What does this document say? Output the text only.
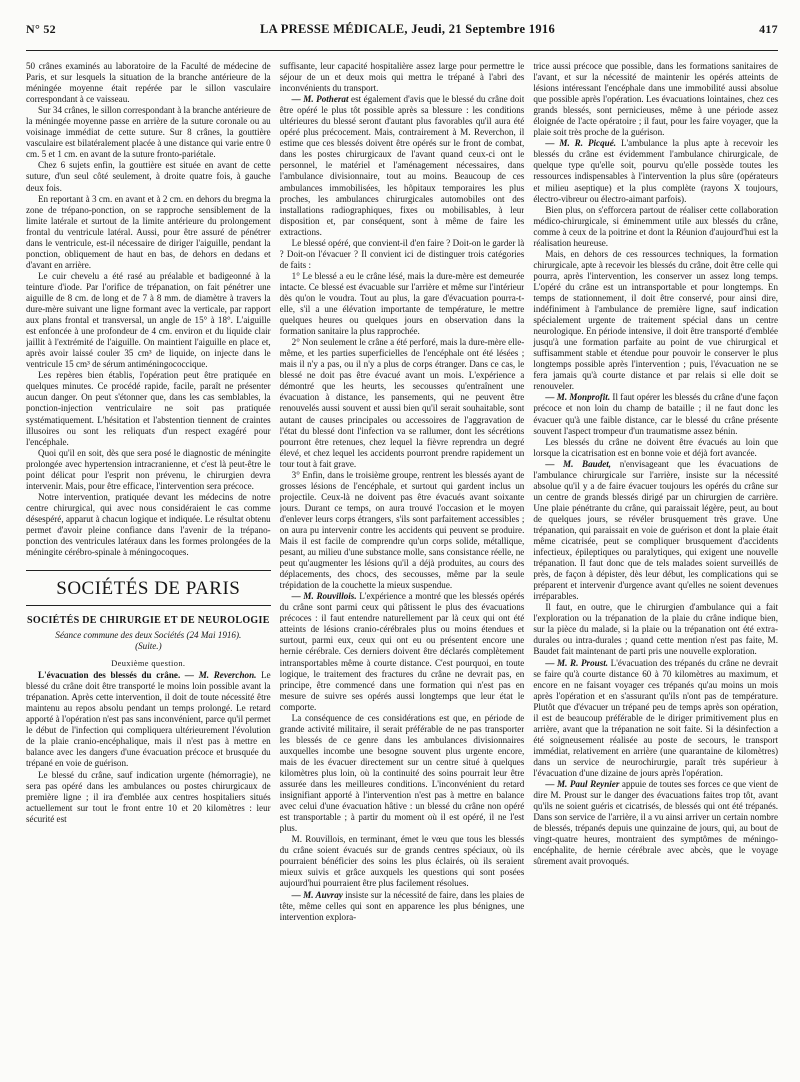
N° 52	LA PRESSE MÉDICALE, Jeudi, 21 Septembre 1916	417

50 crânes examinés au laboratoire de la Faculté de médecine de Paris, et sur lesquels la situation de la branche antérieure de la méningée moyenne était repérée par le sillon vasculaire correspondant à ce vaisseau.

Sur 34 crânes, le sillon correspondant à la branche antérieure de la méningée moyenne passe en arrière de la suture coronale ou au voisinage immédiat de cette suture. Sur 8 crânes, la gouttière vasculaire est bilatéralement placée à une distance qui varie entre 0 cm. 5 et 1 cm. en avant de la suture fronto-pariétale.

Chez 6 sujets enfin, la gouttière est située en avant de cette suture, d'un seul côté seulement, à droite quatre fois, à gauche deux fois.

En reportant à 3 cm. en avant et à 2 cm. en dehors du bregma la zone de trépano-ponction, on se rapproche sensiblement de la limite latérale et surtout de la limite antérieure du prolongement frontal du ventricule latéral. Aussi, pour être assuré de pénétrer dans le ventricule, est-il nécessaire de diriger l'aiguille, pendant la ponction, obliquement de haut en bas, de dehors en dedans et d'avant en arrière.

Le cuir chevelu a été rasé au préalable et badigeonné à la teinture d'iode. Par l'orifice de trépanation, on fait pénétrer une aiguille de 8 cm. de long et de 7 à 8 mm. de diamètre à travers la dure-mère suivant une ligne formant avec la verticale, par rapport aux plans frontal et transversal, un angle de 15° à 18°. L'aiguille est enfoncée à une profondeur de 4 cm. environ et du liquide clair jaillit à l'extrémité de l'aiguille. On maintient l'aiguille en place et, après avoir laissé couler 35 cm³ de liquide, on injecte dans le ventricule 15 cm³ de sérum antiméningococcique.

Les repères bien établis, l'opération peut être pratiquée en quelques minutes. Ce procédé rapide, facile, paraît ne présenter aucun danger. On peut s'étonner que, dans les cas semblables, la ponction-injection ventriculaire ne soit pas pratiquée systématiquement. L'hésitation et l'abstention tiennent de craintes illusoires ou sont les reliquats d'un respect exagéré pour l'encéphale.

Quoi qu'il en soit, dès que sera posé le diagnostic de méningite prolongée avec hypertension intracranienne, et c'est là peut-être le point délicat pour l'esprit non prévenu, le chirurgien devra intervenir. Mais, pour être efficace, l'intervention sera précoce.

Notre intervention, pratiquée devant les médecins de notre centre chirurgical, qui avec nous considéraient le cas comme désespéré, apparut à chacun logique et indiquée. Le résultat obtenu permet d'avoir pleine confiance dans l'avenir de la trépano-ponction des ventricules latéraux dans les formes prolongées de la méningite cérébro-spinale à méningocoques.

SOCIÉTÉS DE PARIS
SOCIÉTÉS DE CHIRURGIE ET DE NEUROLOGIE
Séance commune des deux Sociétés (24 Mai 1916).
(Suite.)
Deuxième question.

L'évacuation des blessés du crâne. — M. Reverchon. Le blessé du crâne doit être transporté le moins loin possible avant la trépanation. Après cette intervention, il doit de toute nécessité être maintenu au repos absolu pendant un temps prolongé. Le retard apporté à l'opération n'est pas sans inconvénient, parce qu'il permet le début de l'infection qui compliquera ultérieurement l'évolution de la plaie cranio-encéphalique, mais il n'est pas à mettre en balance avec les dangers d'une évacuation précoce et brusquée du trépané en voie de guérison.

Le blessé du crâne, sauf indication urgente (hémorragie), ne sera pas opéré dans les ambulances ou postes chirurgicaux de première ligne ; il ira d'emblée aux centres hospitaliers situés actuellement sur tout le front entre 10 et 20 kilomètres : leur sécurité est

suffisante, leur capacité hospitalière assez large pour permettre le séjour de un et deux mois qui mettra le trépané à l'abri des inconvénients du transport.

— M. Potherat est également d'avis que le blessé du crâne doit être opéré le plus tôt possible après sa blessure : les conditions ultérieures du blessé seront d'autant plus favorables qu'il aura été opéré plus précocement. Mais, contrairement à M. Reverchon, il estime que ces blessés doivent être opérés sur le front de combat, dans les postes chirurgicaux de l'avant quand ceux-ci ont le personnel, le matériel et l'aménagement nécessaires, dans l'ambulance divisionnaire, tout au moins. Beaucoup de ces ambulances immobilisées, les hôpitaux temporaires les plus proches, les ambulances chirurgicales automobiles ont des installations radiographiques, fixes ou mobilisables, à leur disposition et, par conséquent, sont à même de faire les extractions.

Le blessé opéré, que convient-il d'en faire ? Doit-on le garder là ? Doit-on l'évacuer ? Il convient ici de distinguer trois catégories de faits :

1° Le blessé a eu le crâne lésé, mais la dure-mère est demeurée intacte. Ce blessé est évacuable sur l'arrière et même sur l'intérieur dès qu'on le voudra. Tout au plus, la gare d'évacuation pourra-t-elle, s'il a une élévation importante de température, le mettre quelques heures ou quelques jours en observation dans la formation sanitaire la plus rapprochée.

2° Non seulement le crâne a été perforé, mais la dure-mère elle-même, et les parties superficielles de l'encéphale ont été lésées ; mais il n'y a pas, ou il n'y a plus de corps étranger. Dans ce cas, le blessé ne doit pas être évacué avant un mois. L'expérience a démontré que les heurts, les secousses qu'entraînent une évacuation à distance, les pansements, qui ne peuvent être renouvelés aussi souvent et aussi bien qu'il serait souhaitable, sont autant de causes principales ou accessoires de l'aggravation de l'état du blessé dont l'infection va se rallumer, dont les sécrétions pourront être retenues, chez lequel la fièvre reprendra un degré élevé, et chez lequel les accidents pourront prendre rapidement un tour tout à fait grave.

3° Enfin, dans le troisième groupe, rentrent les blessés ayant de grosses lésions de l'encéphale, et surtout qui gardent inclus un projectile. Ceux-là ne doivent pas être évacués avant soixante jours. Durant ce temps, on aura trouvé l'occasion et le moyen d'enlever leurs corps étrangers, s'ils sont parfaitement accessibles ; on aura pu intervenir contre les accidents qui peuvent se produire. Mais il est facile de comprendre qu'un corps solide, métallique, pesant, au milieu d'une substance molle, sans consistance réelle, ne peut qu'augmenter les lésions qu'il a déjà produites, au cours des déplacements, des chocs, des secousses, même par la seule trépidation de la couchette la mieux suspendue.

— M. Rouvillois. L'expérience a montré que les blessés opérés du crâne sont parmi ceux qui pâtissent le plus des évacuations précoces : il faut entendre naturellement par là ceux qui ont été atteints de lésions cranio-cérébrales plus ou moins étendues et surtout, parmi eux, ceux qui ont eu ou présentent encore une hernie cérébrale. Ces derniers doivent être déclarés complètement intransportables même à courte distance. C'est pourquoi, en toute logique, le traitement des fractures du crâne ne devrait pas, en principe, être commencé dans une formation qui n'est pas en mesure de suivre ses opérés aussi longtemps que leur état le comporte.

La conséquence de ces considérations est que, en période de grande activité militaire, il serait préférable de ne pas transporter les blessés de ce genre dans les ambulances divisionnaires auxquelles incombe une besogne souvent plus urgente encore, mais de les évacuer directement sur un centre situé à quelques kilomètres plus loin, où la continuité des soins pourrait leur être assurée dans les meilleures conditions. L'inconvénient du retard insignifiant apporté à l'intervention n'est pas à mettre en balance avec celui d'une évacuation hâtive : un blessé du crâne non opéré est transportable ; à partir du moment où il est opéré, il ne l'est plus.

M. Rouvillois, en terminant, émet le vœu que tous les blessés du crâne soient évacués sur de grands centres spéciaux, où ils pourraient bénéficier des soins les plus éclairés, où ils seraient mieux suivis et grâce auxquels les questions qui sont posées aujourd'hui pourraient être plus facilement résolues.

— M. Auvray insiste sur la nécessité de faire, dans les plaies de tête, même celles qui sont en apparence les plus bénignes, une intervention explora-

trice aussi précoce que possible, dans les formations sanitaires de l'avant, et sur la nécessité de maintenir les opérés atteints de lésions intéressant l'encéphale dans une immobilité aussi absolue que possible après l'opération. Les évacuations lointaines, chez ces grands blessés, sont pernicieuses, même à une période assez éloignée de l'acte opératoire ; il faut, pour les faire voyager, que la plaie soit très proche de la guérison.

— M. R. Picqué. L'ambulance la plus apte à recevoir les blessés du crâne est évidemment l'ambulance chirurgicale, de quelque type qu'elle soit, pourvu qu'elle possède toutes les ressources indispensables à l'intervention la plus sûre (opérateurs et milieu aseptique) et la plus complète (rayons X toujours, électro-vibreur ou électro-aimant parfois).

Bien plus, on s'efforcera partout de réaliser cette collaboration médico-chirurgicale, si éminemment utile aux blessés du crâne, comme à ceux de la poitrine et dont la Réunion d'aujourd'hui est la réalisation heureuse.

Mais, en dehors de ces ressources techniques, la formation chirurgicale, apte à recevoir les blessés du crâne, doit être celle qui pourra, après l'intervention, les conserver un assez long temps. L'opéré du crâne est un intransportable et pour longtemps. En temps de stationnement, il doit être conservé, pour ainsi dire, indéfiniment à l'ambulance de première ligne, sauf indication spécialement urgente de traitement spécial dans un centre neurologique. En période intensive, il doit être transporté d'emblée jusqu'à une formation parfaite au point de vue chirurgical et suffisamment stable et étendue pour pouvoir le conserver le plus longtemps possible après l'intervention ; puis, l'évacuation ne se fera jamais qu'à courte distance et par relais si elle doit se renouveler.

— M. Monprofit. Il faut opérer les blessés du crâne d'une façon précoce et non loin du champ de bataille ; il ne faut donc les évacuer qu'à une faible distance, car le blessé du crâne présente souvent l'aspect trompeur d'un traumatisme assez bénin.

Les blessés du crâne ne doivent être évacués au loin que lorsque la cicatrisation est en bonne voie et déjà fort avancée.

— M. Baudet, n'envisageant que les évacuations de l'ambulance chirurgicale sur l'arrière, insiste sur la nécessité absolue qu'il y a de faire évacuer toujours les opérés du crâne sur un centre de grands blessés dirigé par un chirurgien de carrière. Une plaie pénétrante du crâne, qui paraissait légère, peut, au bout de quelques jours, se révéler brusquement très grave. Une trépanation, qui paraissait en voie de guérison et dont la plaie était même cicatrisée, peut se compliquer brusquement d'accidents infectieux, épileptiques ou paralytiques, qui exigent une nouvelle trépanation. Il faut donc que de tels malades soient surveillés de près, de façon à dépister, dès leur début, les complications qui se préparent et intervenir d'urgence avant qu'elles ne soient devenues irréparables.

Il faut, en outre, que le chirurgien d'ambulance qui a fait l'exploration ou la trépanation de la plaie du crâne indique bien, sur la pièce du malade, si la plaie ou la trépanation ont été extra-durales ou intra-durales ; quand cette mention n'est pas faite, M. Baudet fait maintenant de parti pris une nouvelle exploration.

— M. R. Proust. L'évacuation des trépanés du crâne ne devrait se faire qu'à courte distance 60 à 70 kilomètres au maximum, et encore en ne faisant voyager ces trépanés qu'au moins un mois après l'opération et en s'assurant qu'ils n'ont pas de température. Plutôt que d'évacuer un trépané peu de temps après son opération, il est de beaucoup préférable de le diriger primitivement plus en arrière, avant que la trépanation ne soit faite. Si la désinfection a été soigneusement réalisée au poste de secours, le transport immédiat, relativement en arrière (une quarantaine de kilomètres) dans un service de neurochirurgie, paraît très supérieur à l'évacuation d'une dizaine de jours après l'opération.

— M. Paul Reynier appuie de toutes ses forces ce que vient de dire M. Proust sur le danger des évacuations faites trop tôt, avant qu'ils ne soient guéris et cicatrisés, de blessés qui ont été trépanés. Dans son service de l'arrière, il a vu ainsi arriver un certain nombre de blessés, trépanés depuis une quinzaine de jours, qui, au bout de vingt-quatre heures, montraient des symptômes de méningo-encéphalite, de hernie cérébrale avec abcès, que le voyage sûrement avait provoqués.
